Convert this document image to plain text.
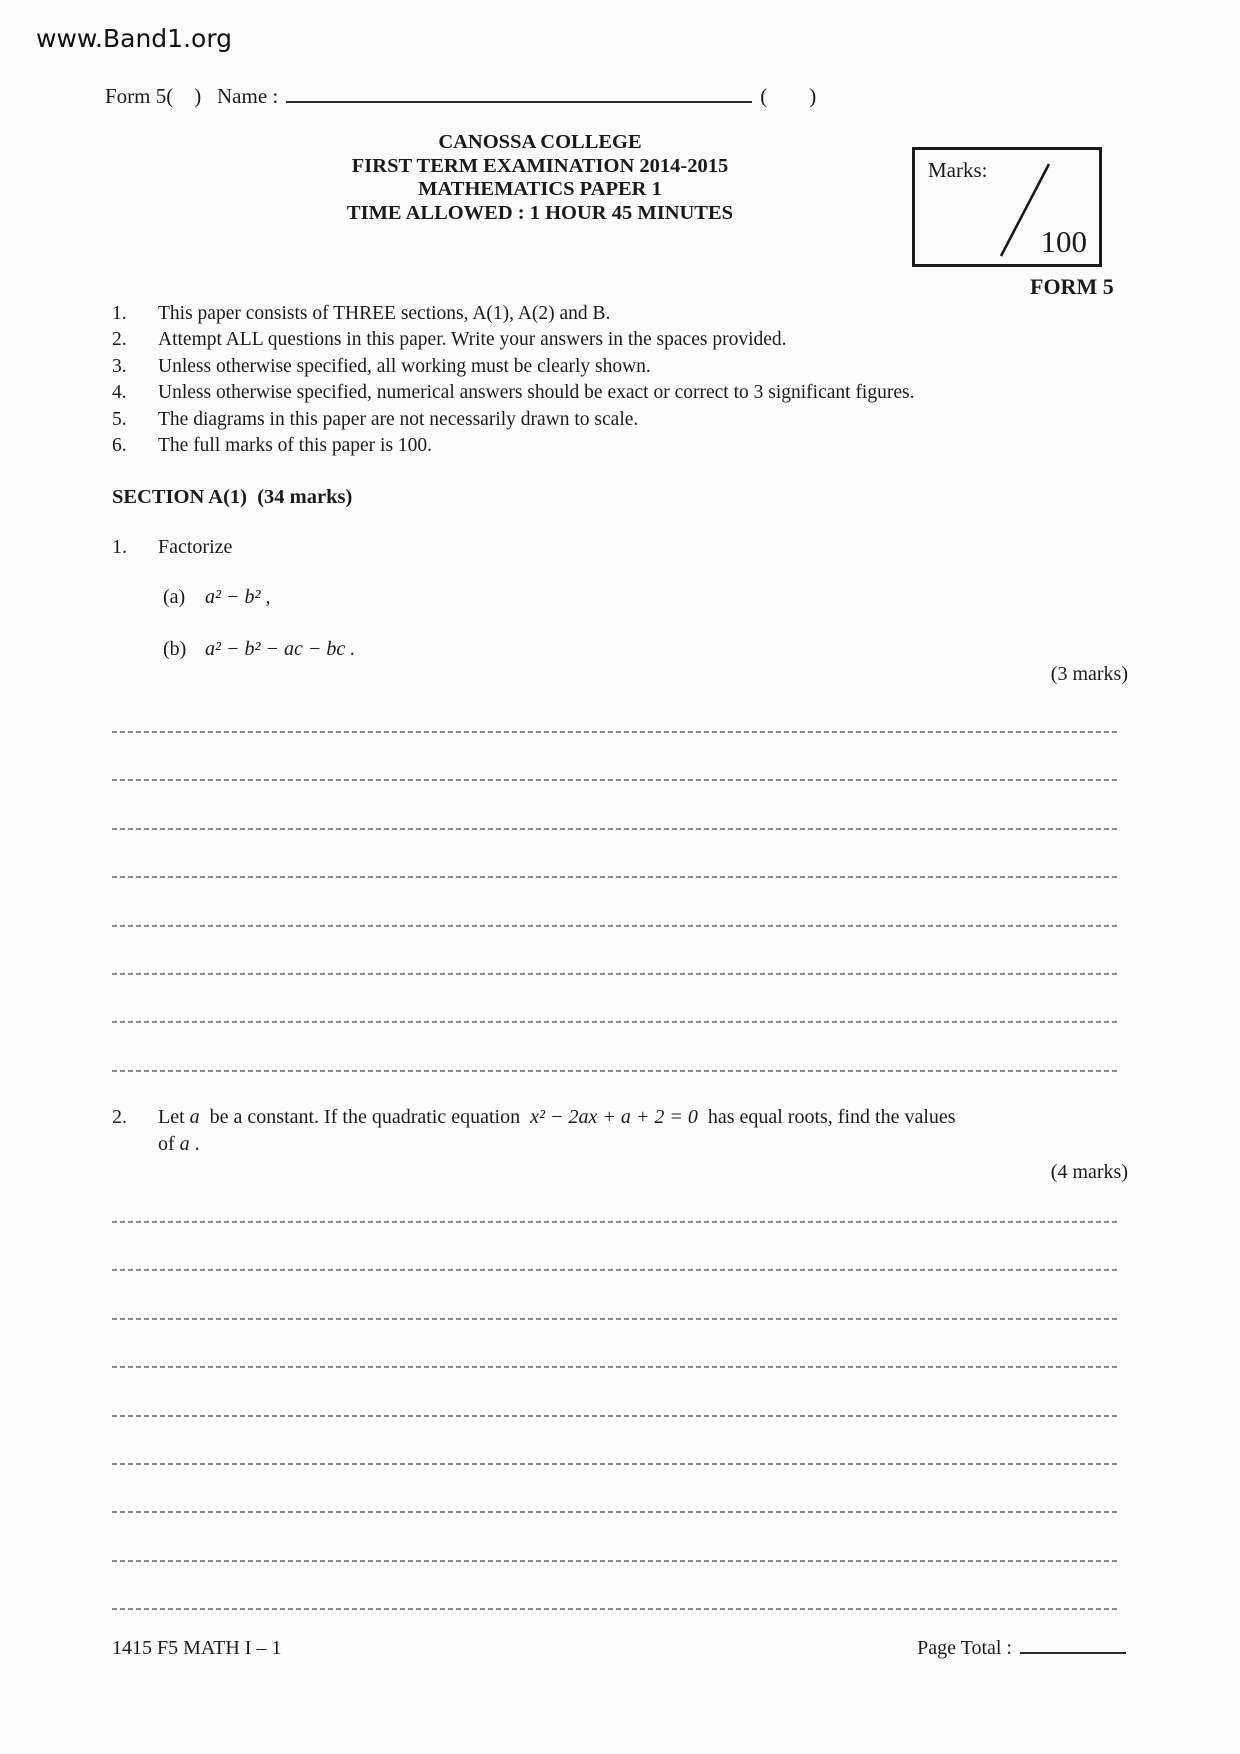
www.Band1.org
Form 5(    ) Name :	(        )
CANOSSA COLLEGE
FIRST TERM EXAMINATION 2014-2015
MATHEMATICS PAPER 1
TIME ALLOWED : 1 HOUR 45 MINUTES
Marks:
100
FORM 5
1.	This paper consists of THREE sections, A(1), A(2) and B.
2.	Attempt ALL questions in this paper. Write your answers in the spaces provided.
3.	Unless otherwise specified, all working must be clearly shown.
4.	Unless otherwise specified, numerical answers should be exact or correct to 3 significant figures.
5.	The diagrams in this paper are not necessarily drawn to scale.
6.	The full marks of this paper is 100.
SECTION A(1)  (34 marks)
1. Factorize
(a) a² − b² ,
(b) a² − b² − ac − bc .
(3 marks)
2. Let a  be a constant. If the quadratic equation  x² − 2ax + a + 2 = 0  has equal roots, find the values
of a .
(4 marks)
1415 F5 MATH I – 1	Page Total :
